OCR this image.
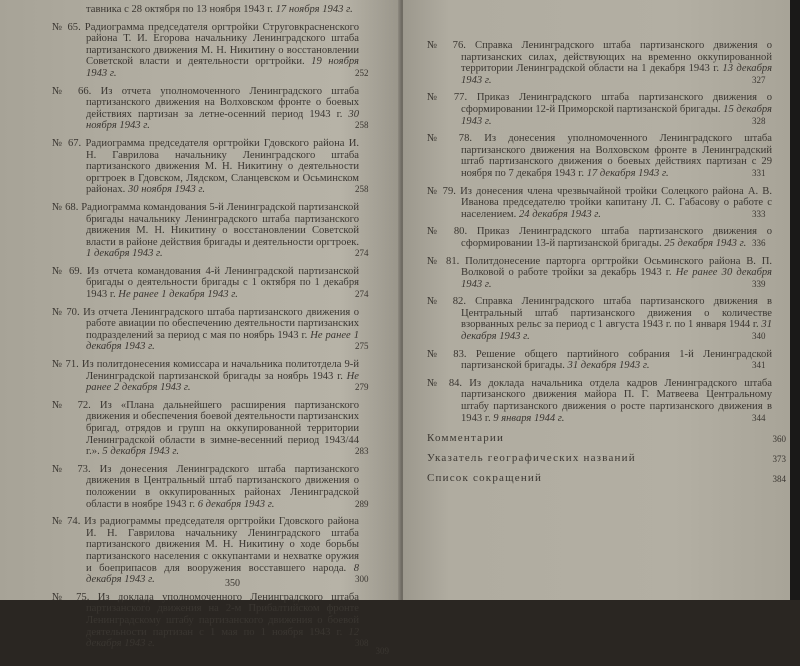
тавника с 28 октября по 13 ноября 1943 г. 17 ноября 1943 г.
№ 65. Радиограмма председателя оргтройки Струговкрасненского района Т. И. Егорова начальнику Ленинградского штаба партизанского движения М. Н. Никитину о восстановлении Советской власти и деятельности оргтройки. 19 ноября 1943 г.	252
№ 66. Из отчета уполномоченного Ленинградского штаба партизанского движения на Волховском фронте о боевых действиях партизан за летне-осенний период 1943 г. 30 ноября 1943 г.	258
№ 67. Радиограмма председателя оргтройки Гдовского района И. Н. Гаврилова начальнику Ленинградского штаба партизанского движения М. Н. Никитину о деятельности оргтроек в Гдовском, Лядском, Сланцевском и Осьминском районах. 30 ноября 1943 г.	258
№ 68. Радиограмма командования 5-й Ленинградской партизанской бригады начальнику Ленинградского штаба партизанского движения М. Н. Никитину о восстановлении Советской власти в районе действия бригады и деятельности оргтроек. 1 декабря 1943 г.	274
№ 69. Из отчета командования 4-й Ленинградской партизанской бригады о деятельности бригады с 1 октября по 1 декабря 1943 г. Не ранее 1 декабря 1943 г.	274
№ 70. Из отчета Ленинградского штаба партизанского движения о работе авиации по обеспечению деятельности партизанских подразделений за период с мая по ноябрь 1943 г. Не ранее 1 декабря 1943 г.	275
№ 71. Из политдонесения комиссара и начальника политотдела 9-й Ленинградской партизанской бригады за ноябрь 1943 г. Не ранее 2 декабря 1943 г.	279
№ 72. Из «Плана дальнейшего расширения партизанского движения и обеспечения боевой деятельности партизанских бригад, отрядов и групп на оккупированной территории Ленинградской области в зимне-весенний период 1943/44 г.». 5 декабря 1943 г.	283
№ 73. Из донесения Ленинградского штаба партизанского движения в Центральный штаб партизанского движения о положении в оккупированных районах Ленинградской области в ноябре 1943 г. 6 декабря 1943 г.	289
№ 74. Из радиограммы председателя оргтройки Гдовского района И. Н. Гаврилова начальнику Ленинградского штаба партизанского движения М. Н. Никитину о ходе борьбы партизанского населения с оккупантами и нехватке оружия и боеприпасов для вооружения восставшего народа. 8 декабря 1943 г.	300
№ 75. Из доклада уполномоченного Ленинградского штаба партизанского движения на 2-м Прибалтийском фронте Ленинградскому штабу партизанского движения о боевой деятельности партизан с 1 мая по 1 ноября 1943 г. 12 декабря 1943 г.	308
309
350
№ 76. Справка Ленинградского штаба партизанского движения о партизанских силах, действующих на временно оккупированной территории Ленинградской области на 1 декабря 1943 г. 13 декабря 1943 г.	327
№ 77. Приказ Ленинградского штаба партизанского движения о сформировании 12-й Приморской партизанской бригады. 15 декабря 1943 г.	328
№ 78. Из донесения уполномоченного Ленинградского штаба партизанского движения на Волховском фронте в Ленинградский штаб партизанского движения о боевых действиях партизан с 29 ноября по 7 декабря 1943 г. 17 декабря 1943 г.	331
№ 79. Из донесения члена чрезвычайной тройки Солецкого района А. В. Иванова председателю тройки капитану Л. С. Габасову о работе с населением. 24 декабря 1943 г.	333
№ 80. Приказ Ленинградского штаба партизанского движения о сформировании 13-й партизанской бригады. 25 декабря 1943 г. 336
№ 81. Политдонесение парторга оргтройки Осьминского района В. П. Волковой о работе тройки за декабрь 1943 г. Не ранее 30 декабря 1943 г.	339
№ 82. Справка Ленинградского штаба партизанского движения в Центральный штаб партизанского движения о количестве взорванных рельс за период с 1 августа 1943 г. по 1 января 1944 г. 31 декабря 1943 г.	340
№ 83. Решение общего партийного собрания 1-й Ленинградской партизанской бригады. 31 декабря 1943 г.	341
№ 84. Из доклада начальника отдела кадров Ленинградского штаба партизанского движения майора П. Г. Матвеева Центральному штабу партизанского движения о росте партизанского движения в 1943 г. 9 января 1944 г.	344
Комментарии	360
Указатель географических названий	373
Список сокращений	384
